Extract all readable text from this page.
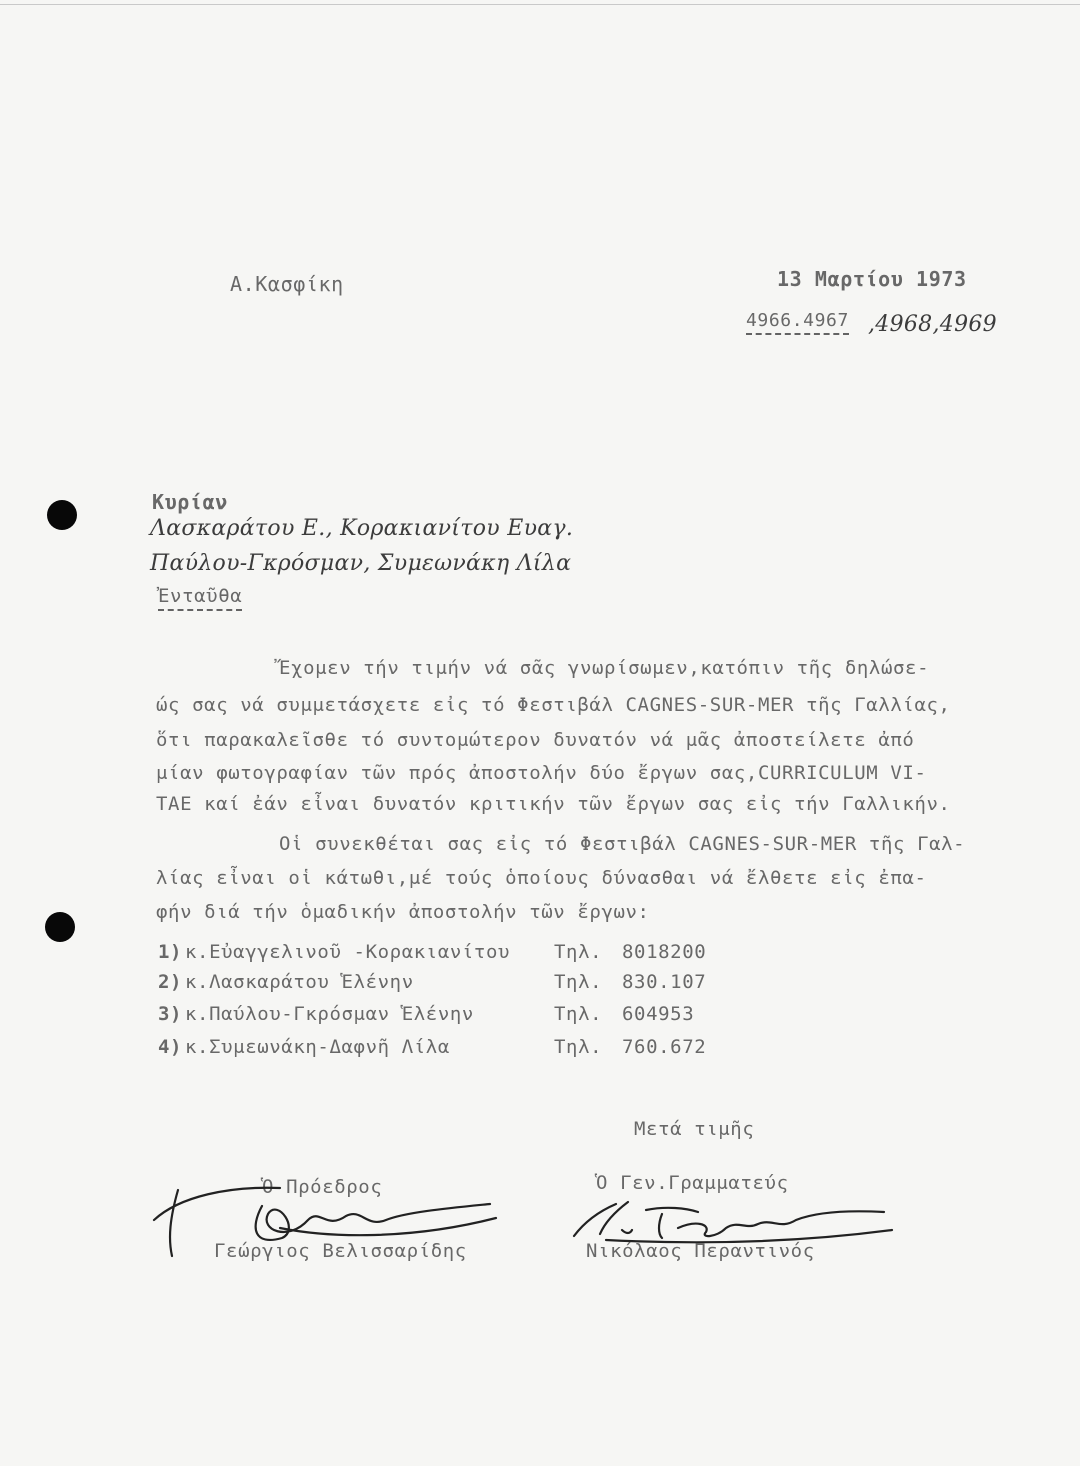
Α.Κασφίκη	13 Μαρτίου 1973
4966.4967 ,4968,4969
Κυρίαν
Λασκαράτου Ε., Κορακιανίτου Ευαγ.
Παύλου-Γκρόσμαν, Συμεωνάκη Λίλα
Ἐνταῦθα
Ἔχομεν τήν τιμήν νά σᾶς γνωρίσωμεν,κατόπιν τῆς δηλώσε-
ώς σας νά συμμετάσχετε εἰς τό Φεστιβάλ CAGNES-SUR-MER τῆς Γαλλίας,
ὅτι παρακαλεῖσθε τό συντομώτερον δυνατόν νά μᾶς ἀποστείλετε ἀπό
μίαν φωτογραφίαν τῶν πρός ἀποστολήν δύο ἔργων σας,CURRICULUM VI-
TAE καί ἐάν εἶναι δυνατόν κριτικήν τῶν ἔργων σας εἰς τήν Γαλλικήν.
Οἱ συνεκθέται σας εἰς τό Φεστιβάλ CAGNES-SUR-MER τῆς Γαλ-
λίας εἶναι οἱ κάτωθι,μέ τούς ὁποίους δύνασθαι νά ἔλθετε εἰς ἐπα-
φήν διά τήν ὁμαδικήν ἀποστολήν τῶν ἔργων:
1) κ.Εὐαγγελινοῦ -Κορακιανίτου Τηλ. 8018200
2) κ.Λασκαράτου Ἑλένην	Τηλ. 830.107
3) κ.Παύλου-Γκρόσμαν Ἑλένην	Τηλ. 604953
4) κ.Συμεωνάκη-Δαφνῆ Λίλα	Τηλ. 760.672
Μετά τιμῆς
Ὁ Πρόεδρος
Γεώργιος Βελισσαρίδης
Ὁ Γεν.Γραμματεύς
Νικόλαος Περαντινός
